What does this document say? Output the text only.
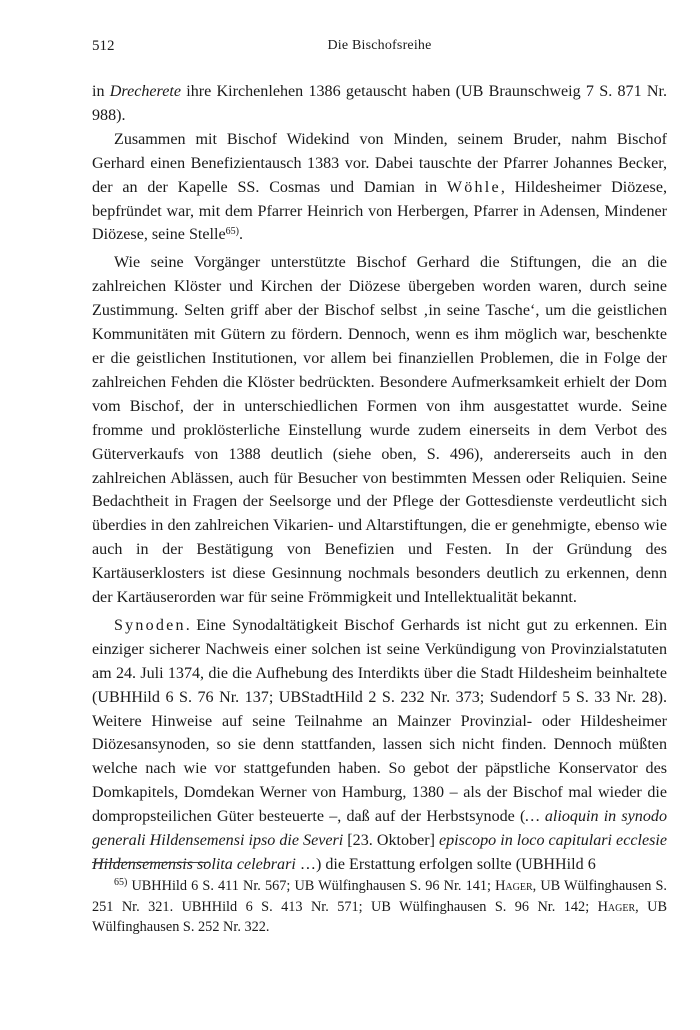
512	Die Bischofsreihe

in Drecherete ihre Kirchenlehen 1386 getauscht haben (UB Braunschweig 7 S. 871 Nr. 988).

Zusammen mit Bischof Widekind von Minden, seinem Bruder, nahm Bischof Gerhard einen Benefizientausch 1383 vor. Dabei tauschte der Pfarrer Johannes Becker, der an der Kapelle SS. Cosmas und Damian in Wöhle, Hildesheimer Diözese, bepfründet war, mit dem Pfarrer Heinrich von Herbergen, Pfarrer in Adensen, Mindener Diözese, seine Stelle$^{65)}$.

Wie seine Vorgänger unterstützte Bischof Gerhard die Stiftungen, die an die zahlreichen Klöster und Kirchen der Diözese übergeben worden waren, durch seine Zustimmung. Selten griff aber der Bischof selbst ‚in seine Tasche‘, um die geistlichen Kommunitäten mit Gütern zu fördern. Dennoch, wenn es ihm möglich war, beschenkte er die geistlichen Institutionen, vor allem bei finanziellen Problemen, die in Folge der zahlreichen Fehden die Klöster bedrückten. Besondere Aufmerksamkeit erhielt der Dom vom Bischof, der in unterschiedlichen Formen von ihm ausgestattet wurde. Seine fromme und proklösterliche Einstellung wurde zudem einerseits in dem Verbot des Güterverkaufs von 1388 deutlich (siehe oben, S. 496), andererseits auch in den zahlreichen Ablässen, auch für Besucher von bestimmten Messen oder Reliquien. Seine Bedachtheit in Fragen der Seelsorge und der Pflege der Gottesdienste verdeutlicht sich überdies in den zahlreichen Vikarien- und Altarstiftungen, die er genehmigte, ebenso wie auch in der Bestätigung von Benefizien und Festen. In der Gründung des Kartäuserklosters ist diese Gesinnung nochmals besonders deutlich zu erkennen, denn der Kartäuserorden war für seine Frömmigkeit und Intellektualität bekannt.

Synoden. Eine Synodaltätigkeit Bischof Gerhards ist nicht gut zu erkennen. Ein einziger sicherer Nachweis einer solchen ist seine Verkündigung von Provinzialstatuten am 24. Juli 1374, die die Aufhebung des Interdikts über die Stadt Hildesheim beinhaltete (UBHHild 6 S. 76 Nr. 137; UBStadtHild 2 S. 232 Nr. 373; Sudendorf 5 S. 33 Nr. 28). Weitere Hinweise auf seine Teilnahme an Mainzer Provinzial- oder Hildesheimer Diözesansynoden, so sie denn stattfanden, lassen sich nicht finden. Dennoch müßten welche nach wie vor stattgefunden haben. So gebot der päpstliche Konservator des Domkapitels, Domdekan Werner von Hamburg, 1380 – als der Bischof mal wieder die dompropsteilichen Güter besteuerte –, daß auf der Herbstsynode (… alioquin in synodo generali Hildensemensi ipso die Severi [23. Oktober] episcopo in loco capitulari ecclesie Hildensemensis solita celebrari …) die Erstattung erfolgen sollte (UBHHild 6

$^{65)}$ UBHHild 6 S. 411 Nr. 567; UB Wülfinghausen S. 96 Nr. 141; Hager, UB Wülfinghausen S. 251 Nr. 321. UBHHild 6 S. 413 Nr. 571; UB Wülfinghausen S. 96 Nr. 142; Hager, UB Wülfinghausen S. 252 Nr. 322.
